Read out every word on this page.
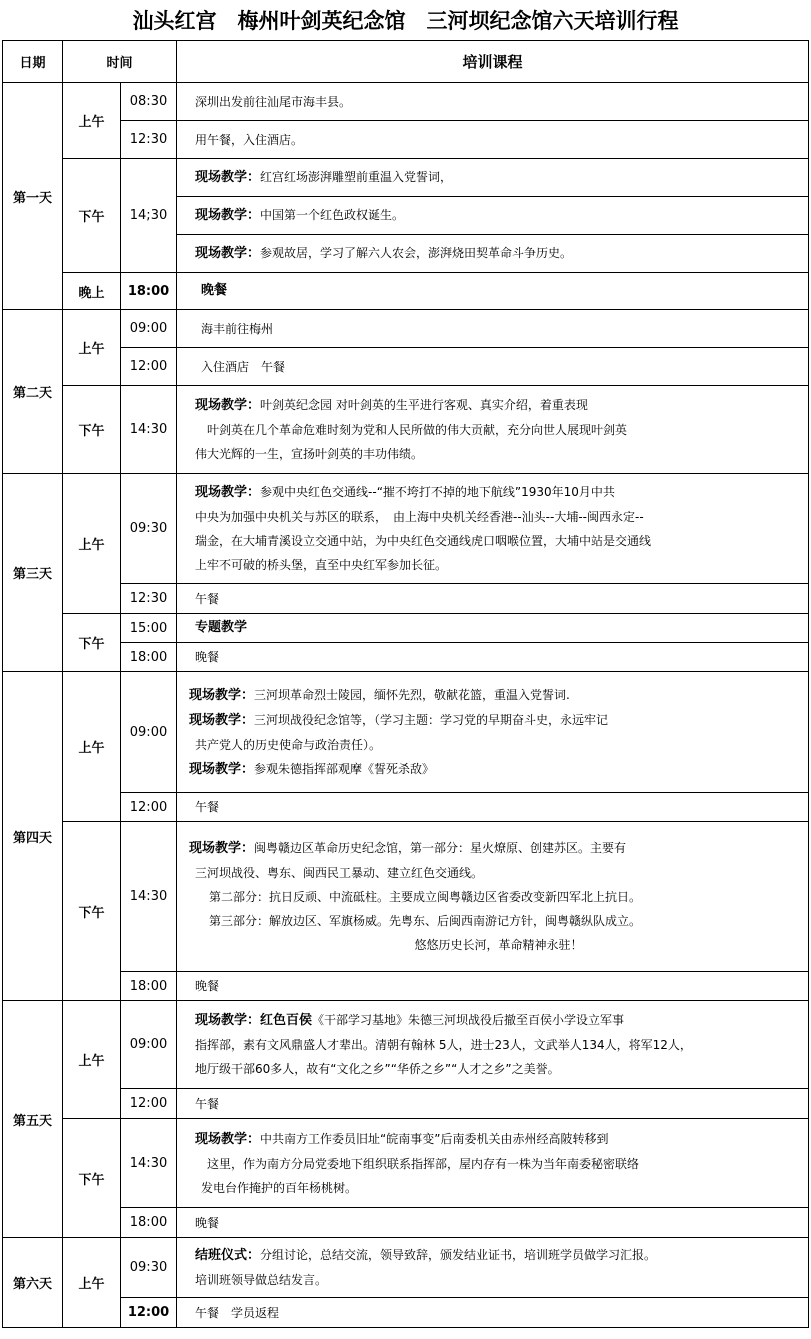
汕头红宫　梅州叶剑英纪念馆　三河坝纪念馆六天培训行程
日期	时间		培训课程
第一天	上午	08:30	深圳出发前往汕尾市海丰县。

		12:30	用午餐，入住酒店。

	下午	14;30	现场教学：红宫红场澎湃雕塑前重温入党誓词，

			现场教学：中国第一个红色政权诞生。

			现场教学：参观故居，学习了解六人农会，澎湃烧田契革命斗争历史。

	晚上	18:00	晚餐

第二天	上午	09:00	海丰前往梅州

		12:00	入住酒店　午餐

	下午	14:30	现场教学：叶剑英纪念园 对叶剑英的生平进行客观、真实介绍，着重表现

叶剑英在几个革命危难时刻为党和人民所做的伟大贡献，充分向世人展现叶剑英

伟大光辉的一生，宣扬叶剑英的丰功伟绩。

第三天	上午	09:30	现场教学：参观中央红色交通线--“摧不垮打不掉的地下航线”1930年10月中共

中央为加强中央机关与苏区的联系，　由上海中央机关经香港--汕头--大埔--闽西永定--

瑞金，在大埔青溪设立交通中站，为中央红色交通线虎口咽喉位置，大埔中站是交通线

上牢不可破的桥头堡，直至中央红军参加长征。

		12:30	午餐

	下午	15:00	专题教学

		18:00	晚餐

第四天	上午	09:00	现场教学：三河坝革命烈士陵园，缅怀先烈，敬献花篮，重温入党誓词.

现场教学：三河坝战役纪念馆等，（学习主题：学习党的早期奋斗史，永远牢记

共产党人的历史使命与政治责任）。

现场教学：参观朱德指挥部观摩《誓死杀敌》

		12:00	午餐

	下午	14:30	现场教学：闽粤赣边区革命历史纪念馆，第一部分：星火燎原、创建苏区。主要有

三河坝战役、粤东、闽西民工暴动、建立红色交通线。

第二部分：抗日反顽、中流砥柱。主要成立闽粤赣边区省委改变新四军北上抗日。

第三部分：解放边区、军旗杨威。先粤东、后闽西南游记方针，闽粤赣纵队成立。

悠悠历史长河，革命精神永驻！

		18:00	晚餐

第五天	上午	09:00	现场教学：红色百侯《干部学习基地》朱德三河坝战役后撤至百侯小学设立军事

指挥部，素有文风鼎盛人才辈出。清朝有翰林 5人，进士23人，文武举人134人，将军12人，

地厅级干部60多人，故有“文化之乡”“华侨之乡”“人才之乡”之美誉。

		12:00	午餐

	下午	14:30	现场教学：中共南方工作委员旧址“皖南事变”后南委机关由赤州经高陂转移到

这里，作为南方分局党委地下组织联系指挥部，屋内存有一株为当年南委秘密联络

发电台作掩护的百年杨桃树。

		18:00	晚餐

第六天	上午	09:30	结班仪式：分组讨论，总结交流，领导致辞，颁发结业证书，培训班学员做学习汇报。

培训班领导做总结发言。

		12:00	午餐　学员返程
